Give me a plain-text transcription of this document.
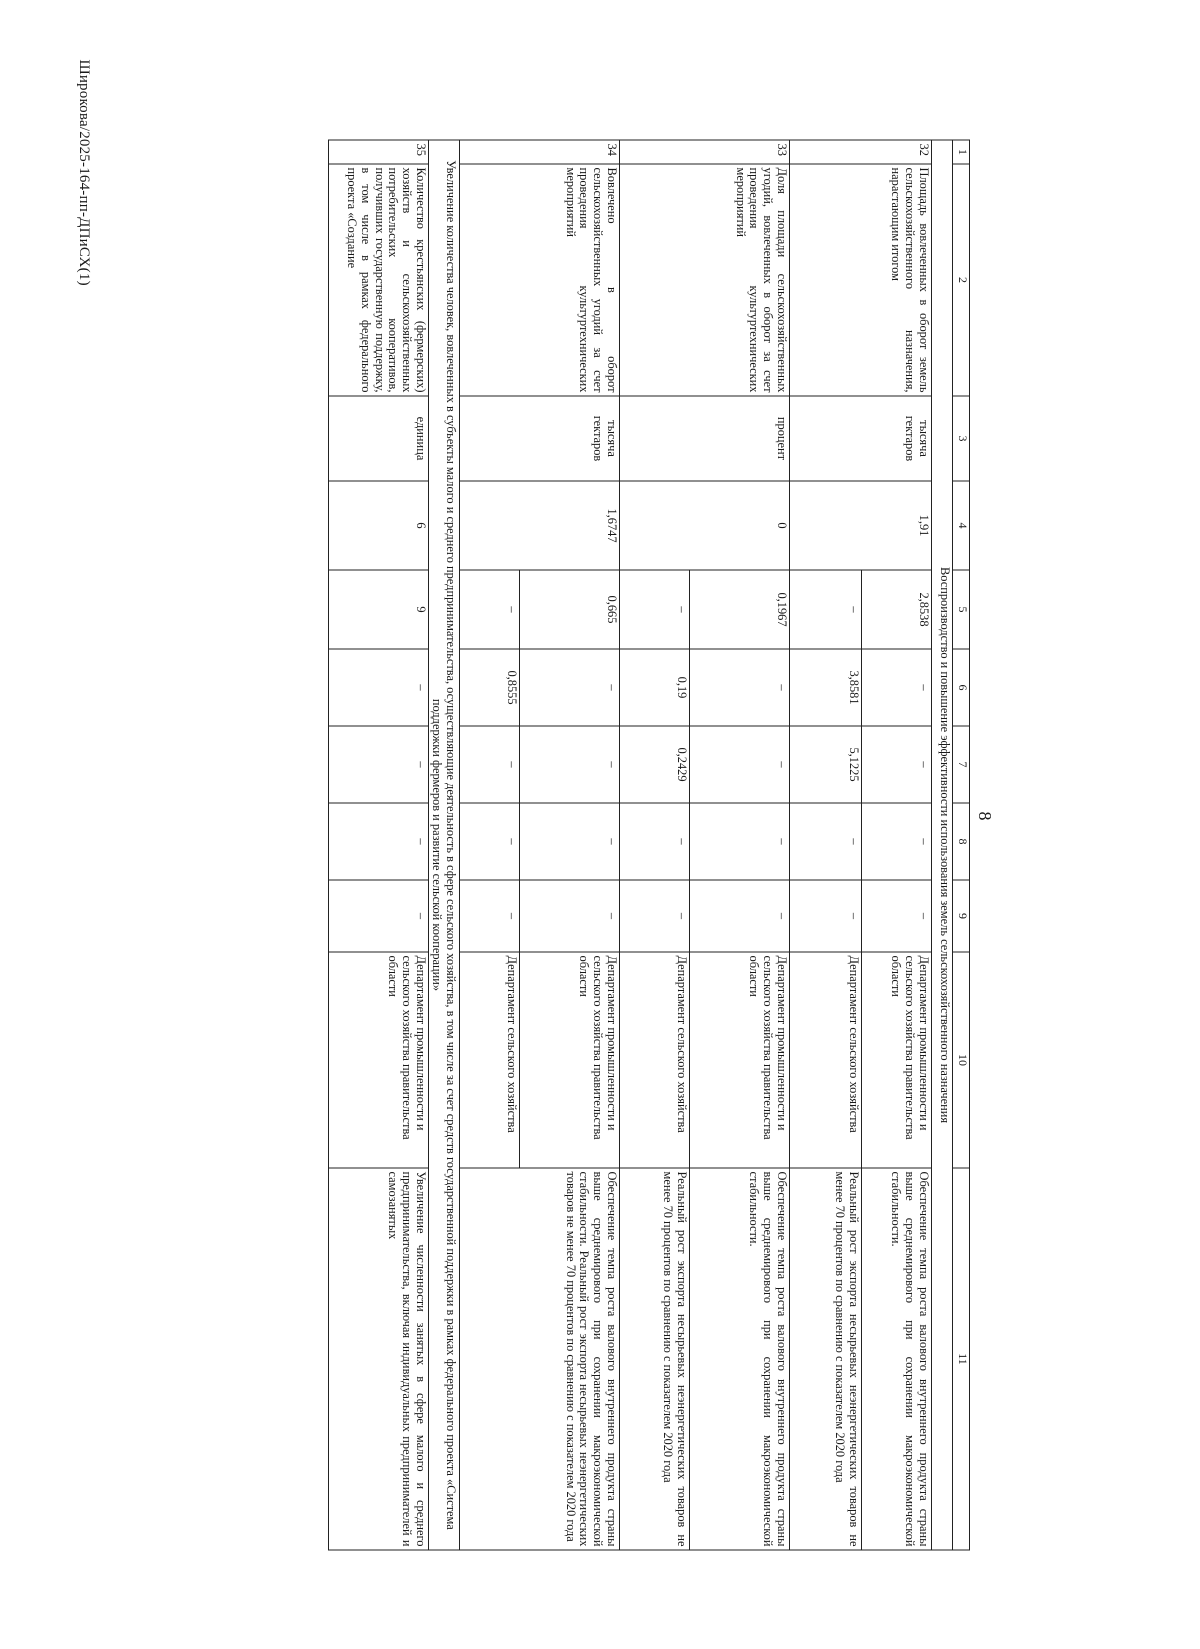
8
1	2	3	4	5	6	7	8	9	10	11
Воспроизводство и повышение эффективности использования земель сельскохозяйственного назначения										
32	Площадь вовлеченных в оборот земель сельскохозяйственного назначения, нарастающим итогом	тысяча гектаров	1,91	2,8538	–	–	–	–	Департамент промышленности и сельского хозяйства правительства области	Обеспечение темпа роста валового внутреннего продукта страны выше среднемирового при сохранении макроэкономической стабильности.
				–	3,8581	5,1225	–	–	Департамент сельского хозяйства	Реальный рост экспорта несырьевых неэнергетических товаров не менее 70 процентов по сравнению с показателем 2020 года
33	Доля площади сельскохозяйственных угодий, вовлеченных в оборот за счет проведения культуртехнических мероприятий	процент	0	0,1967	–	–	–	–	Департамент промышленности и сельского хозяйства правительства области	Обеспечение темпа роста валового внутреннего продукта страны выше среднемирового при сохранении макроэкономической стабильности.
				–	0,19	0,2429	–	–	Департамент сельского хозяйства	Реальный рост экспорта несырьевых неэнергетических товаров не менее 70 процентов по сравнению с показателем 2020 года
34	Вовлечено в оборот сельскохозяйственных угодий за счет проведения культуртехнических мероприятий	тысяча гектаров	1,6747	0,665	–	–	–	–	Департамент промышленности и сельского хозяйства правительства области	Обеспечение темпа роста валового внутреннего продукта страны выше среднемирового при сохранении макроэкономической стабильности. Реальный рост экспорта несырьевых неэнергетических товаров не менее 70 процентов по сравнению с показателем 2020 года
				–	0,8555	–	–	–	Департамент сельского хозяйства	
Увеличение количества человек, вовлеченных в субъекты малого и среднего предпринимательства, осуществляющие деятельность в сфере сельского хозяйства, в том числе за счет средств государственной поддержки в рамках федерального проекта «Система поддержки фермеров и развитие сельской кооперации»										
35	Количество крестьянских (фермерских) хозяйств и сельскохозяйственных потребительских кооперативов, получивших государственную поддержку, в том числе в рамках федерального проекта «Создание	единица	6	9	–	–	–	–	Департамент промышленности и сельского хозяйства правительства области	Увеличение численности занятых в сфере малого и среднего предпринимательства, включая индивидуальных предпринимателей и самозанятых
Широкова/2025-164-пп-ДПиСХ(1)
